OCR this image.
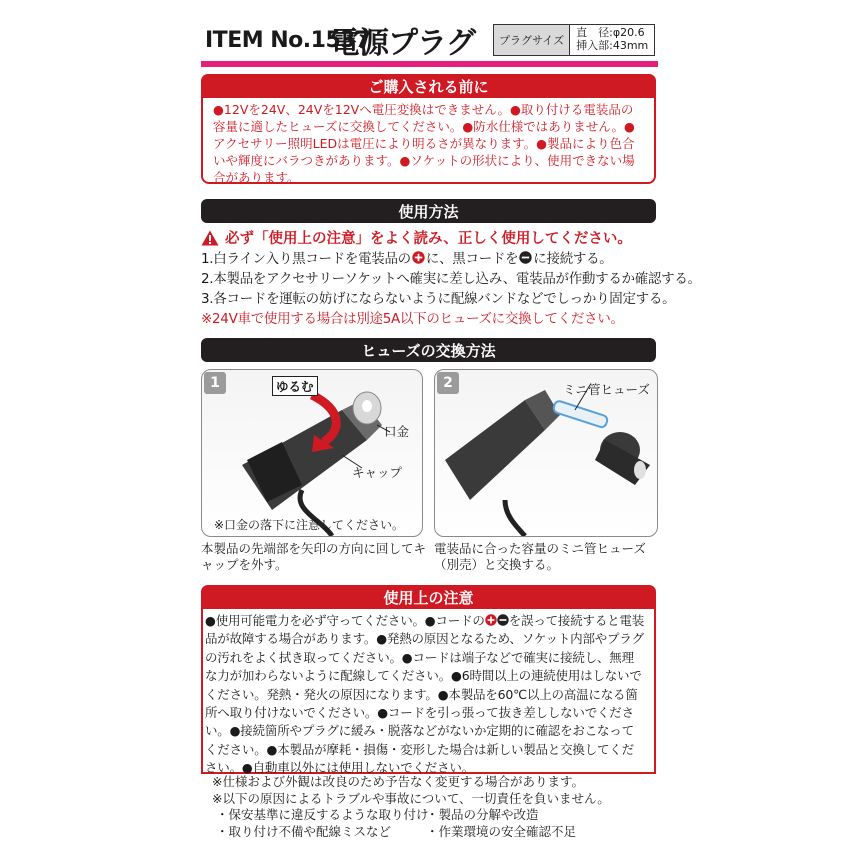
ITEM No.1537
電源プラグ	プラグサイズ
直　径:φ20.6
挿入部:43mm
ご購入される前に
●12Vを24V、24Vを12Vへ電圧変換はできません。●取り付ける電装品の容量に適したヒューズに交換してください。●防水仕様ではありません。●アクセサリー照明LEDは電圧により明るさが異なります。●製品により色合いや輝度にバラつきがあります。●ソケットの形状により、使用できない場合があります。
使用方法
必ず「使用上の注意」をよく読み、正しく使用してください。
1.白ライン入り黒コードを電装品の に、黒コードを に接続する。
2.本製品をアクセサリーソケットへ確実に差し込み、電装品が作動するか確認する。
3.各コードを運転の妨げにならないように配線バンドなどでしっかり固定する。
※24V車で使用する場合は別途5A以下のヒューズに交換してください。
ヒューズの交換方法
1	ゆるむ
口金
キャップ
※口金の落下に注意してください。
2	ミニ管ヒューズ
本製品の先端部を矢印の方向に回してキャップを外す。
電装品に合った容量のミニ管ヒューズ（別売）と交換する。
使用上の注意
●使用可能電力を必ず守ってください。●コードの を誤って接続すると電装品が故障する場合があります。●発熱の原因となるため、ソケット内部やプラグの汚れをよく拭き取ってください。●コードは端子などで確実に接続し、無理な力が加わらないように配線してください。●6時間以上の連続使用はしないでください。発熱・発火の原因になります。●本製品を60℃以上の高温になる箇所へ取り付けないでください。●コードを引っ張って抜き差ししないでください。●接続箇所やプラグに緩み・脱落などがないか定期的に確認をおこなってください。●本製品が摩耗・損傷・変形した場合は新しい製品と交換してください。●自動車以外には使用しないでください。
※仕様および外観は改良のため予告なく変更する場合があります。
※以下の原因によるトラブルや事故について、一切責任を負いません。
・保安基準に違反するような取り付け
・製品の分解や改造
・取り付け不備や配線ミスなど	・作業環境の安全確認不足
